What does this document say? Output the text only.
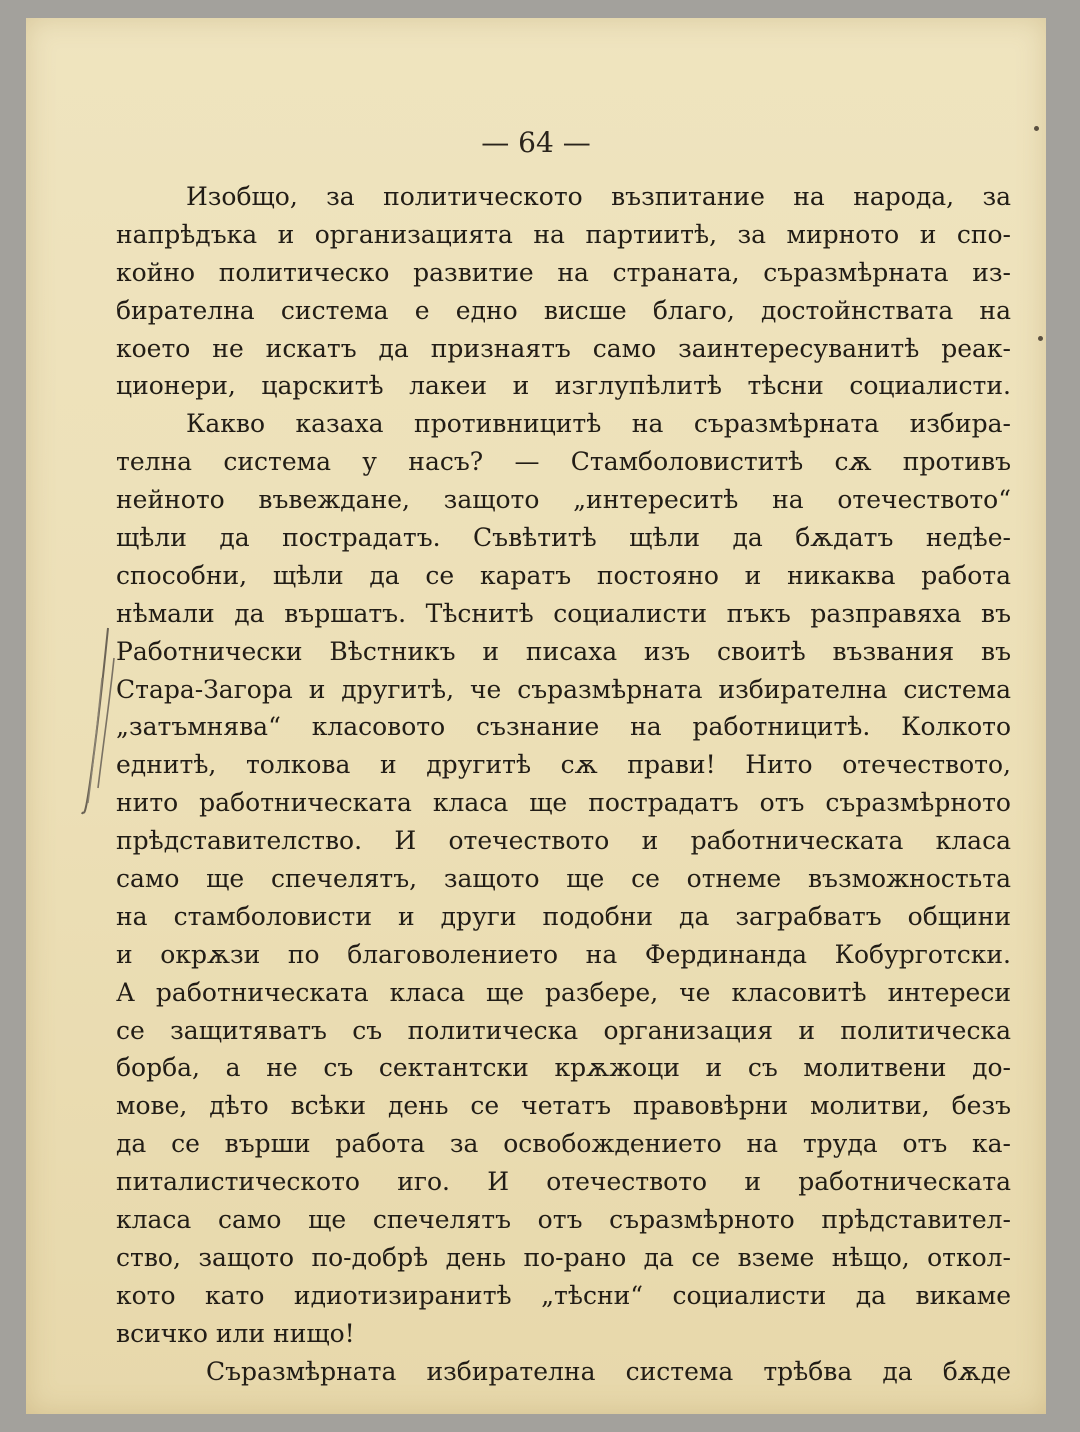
— 64 —
Изобщо, за политическото възпитание на народа, за
напрѣдъка и организацията на партиитѣ, за мирното и спо-
койно политическо развитие на страната, съразмѣрната из-
бирателна система е едно висше благо, достойнствата на
което не искатъ да признаятъ само заинтересуванитѣ реак-
ционери, царскитѣ лакеи и изглупѣлитѣ тѣсни социалисти.
Какво казаха противницитѣ на съразмѣрната избира-
телна система у насъ? — Стамболовиститѣ сѫ противъ
нейното въвеждане, защото „интереситѣ на отечеството“
щѣли да пострадатъ. Съвѣтитѣ щѣли да бѫдатъ недѣе-
способни, щѣли да се каратъ постояно и никаква работа
нѣмали да вършатъ. Тѣснитѣ социалисти пъкъ разправяха въ
Работнически Вѣстникъ и писаха изъ своитѣ възвания въ
Стара-Загора и другитѣ, че съразмѣрната избирателна система
„затъмнява“ класовото съзнание на работницитѣ. Колкото
еднитѣ, толкова и другитѣ сѫ прави! Нито отечеството,
нито работническата класа ще пострадатъ отъ съразмѣрното
прѣдставителство. И отечеството и работническата класа
само ще спечелятъ, защото ще се отнеме възможностьта
на стамболовисти и други подобни да заграбватъ общини
и окрѫзи по благоволението на Фердинанда Кобурготски.
А работническата класа ще разбере, че класовитѣ интереси
се защитяватъ съ политическа организация и политическа
борба, а не съ сектантски крѫжоци и съ молитвени до-
мове, дѣто всѣки день се четатъ правовѣрни молитви, безъ
да се върши работа за освобождението на труда отъ ка-
питалистическото иго. И отечеството и работническата
класа само ще спечелятъ отъ съразмѣрното прѣдставител-
ство, защото по-добрѣ день по-рано да се вземе нѣщо, откол-
кото като идиотизиранитѣ „тѣсни“ социалисти да викаме
всичко или нищо!
Съразмѣрната избирателна система трѣбва да бѫде
